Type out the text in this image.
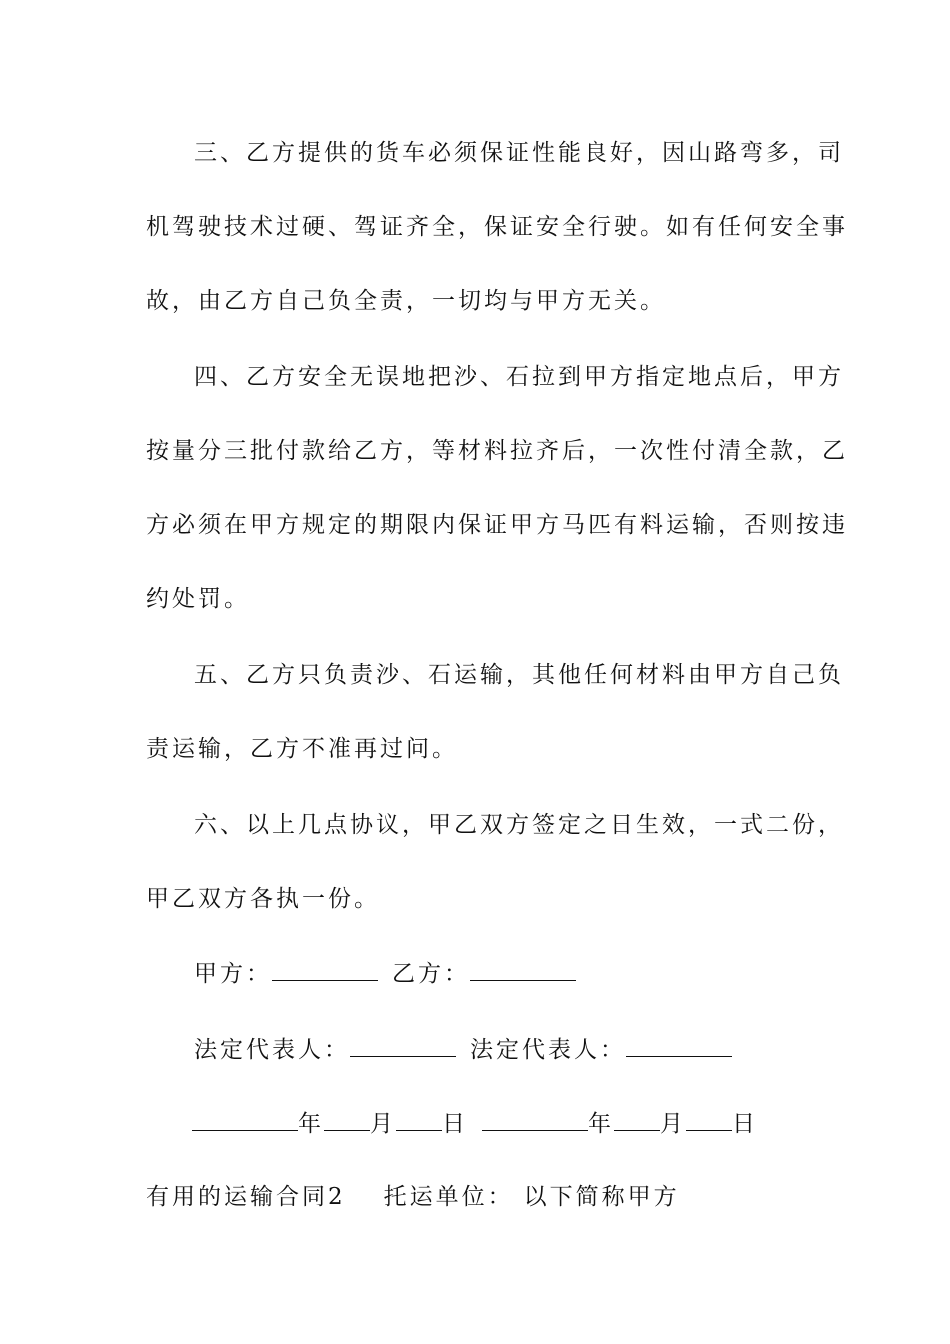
三、乙方提供的货车必须保证性能良好，因山路弯多，司
机驾驶技术过硬、驾证齐全，保证安全行驶。如有任何安全事
故，由乙方自己负全责，一切均与甲方无关。
四、乙方安全无误地把沙、石拉到甲方指定地点后，甲方
按量分三批付款给乙方，等材料拉齐后，一次性付清全款，乙
方必须在甲方规定的期限内保证甲方马匹有料运输，否则按违
约处罚。
五、乙方只负责沙、石运输，其他任何材料由甲方自己负
责运输，乙方不准再过问。
六、以上几点协议，甲乙双方签定之日生效，一式二份，
甲乙双方各执一份。
甲方：	乙方：
法定代表人：	法定代表人：
年 月 日	年 月 日
有用的运输合同2 托运单位： 以下简称甲方
